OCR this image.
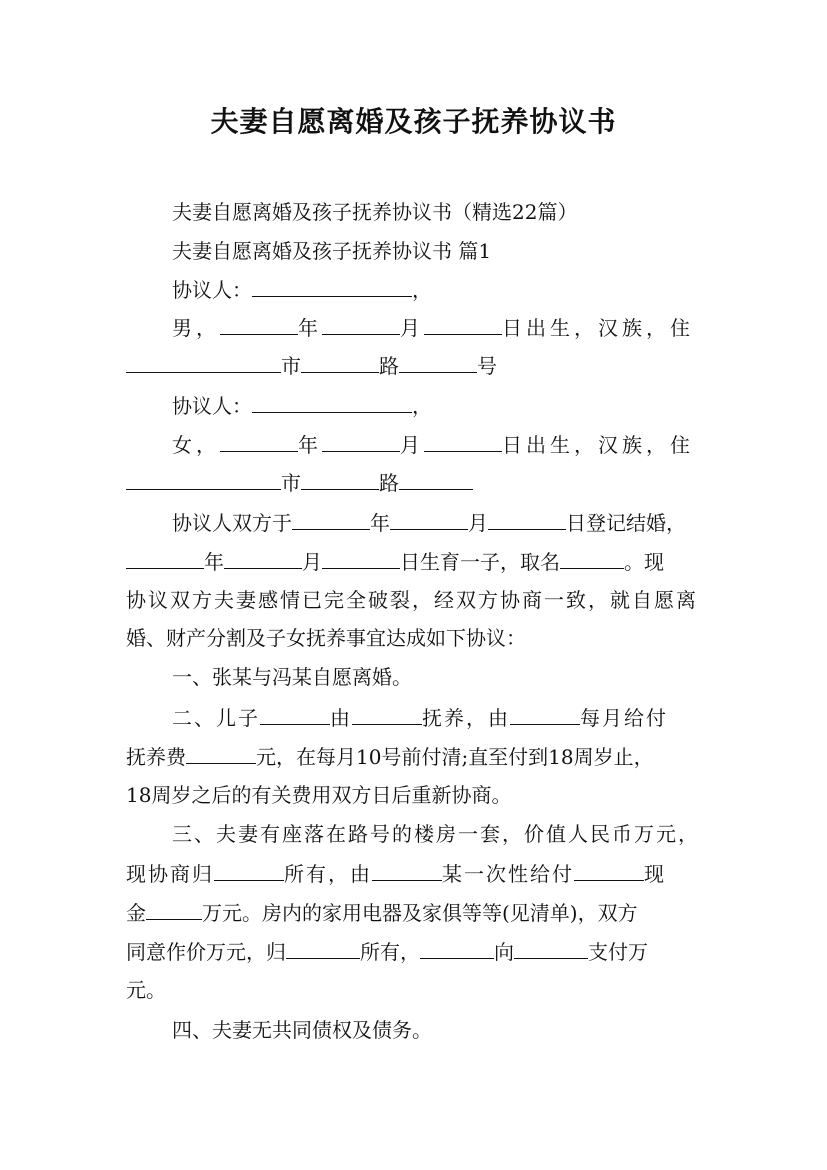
夫妻自愿离婚及孩子抚养协议书

夫妻自愿离婚及孩子抚养协议书（精选22篇）

夫妻自愿离婚及孩子抚养协议书 篇1

协议人：	，

男，	年	月	日出生，汉族，住

市	路	号

协议人：	，

女，	年	月	日出生，汉族，住

市	路

协议人双方于	年	月	日登记结婚，

年	月	日生育一子，取名	。现

协议双方夫妻感情已完全破裂，经双方协商一致，就自愿离

婚、财产分割及子女抚养事宜达成如下协议：

一、张某与冯某自愿离婚。

二、儿子	由	抚养，由	每月给付

抚养费	元，在每月10号前付清;直至付到18周岁止，

18周岁之后的有关费用双方日后重新协商。

三、夫妻有座落在路号的楼房一套，价值人民币万元，

现协商归	所有，由	某一次性给付	现

金	万元。房内的家用电器及家俱等等(见清单)，双方

同意作价万元，归	所有，	向	支付万

元。

四、夫妻无共同债权及债务。
